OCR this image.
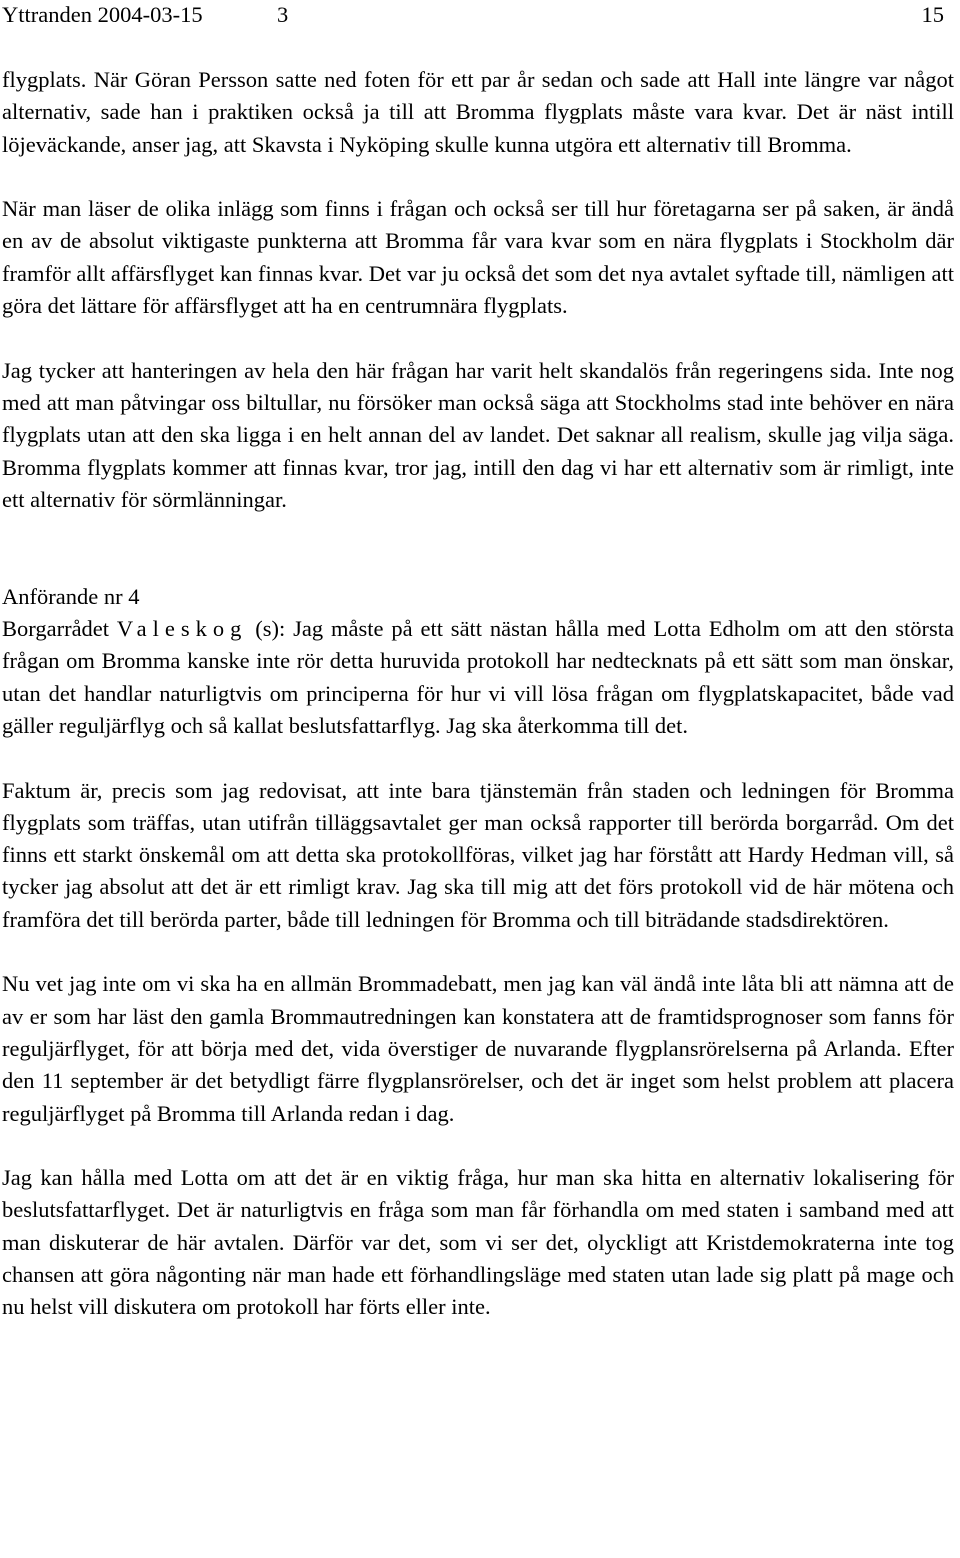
Yttranden 2004-03-15	3	15

flygplats. När Göran Persson satte ned foten för ett par år sedan och sade att Hall inte längre var något alternativ, sade han i praktiken också ja till att Bromma flygplats måste vara kvar. Det är näst intill löjeväckande, anser jag, att Skavsta i Nyköping skulle kunna utgöra ett alternativ till Bromma.

När man läser de olika inlägg som finns i frågan och också ser till hur företagarna ser på saken, är ändå en av de absolut viktigaste punkterna att Bromma får vara kvar som en nära flygplats i Stockholm där framför allt affärsflyget kan finnas kvar. Det var ju också det som det nya avtalet syftade till, nämligen att göra det lättare för affärsflyget att ha en centrumnära flygplats.

Jag tycker att hanteringen av hela den här frågan har varit helt skandalös från regeringens sida. Inte nog med att man påtvingar oss biltullar, nu försöker man också säga att Stockholms stad inte behöver en nära flygplats utan att den ska ligga i en helt annan del av landet. Det saknar all realism, skulle jag vilja säga. Bromma flygplats kommer att finnas kvar, tror jag, intill den dag vi har ett alternativ som är rimligt, inte ett alternativ för sörmlänningar.

Anförande nr 4

Borgarrådet Valeskog (s): Jag måste på ett sätt nästan hålla med Lotta Edholm om att den största frågan om Bromma kanske inte rör detta huruvida protokoll har nedtecknats på ett sätt som man önskar, utan det handlar naturligtvis om principerna för hur vi vill lösa frågan om flygplatskapacitet, både vad gäller reguljärflyg och så kallat beslutsfattarflyg. Jag ska återkomma till det.

Faktum är, precis som jag redovisat, att inte bara tjänstemän från staden och ledningen för Bromma flygplats som träffas, utan utifrån tilläggsavtalet ger man också rapporter till berörda borgarråd. Om det finns ett starkt önskemål om att detta ska protokollföras, vilket jag har förstått att Hardy Hedman vill, så tycker jag absolut att det är ett rimligt krav. Jag ska till mig att det förs protokoll vid de här mötena och framföra det till berörda parter, både till ledningen för Bromma och till biträdande stadsdirektören.

Nu vet jag inte om vi ska ha en allmän Brommadebatt, men jag kan väl ändå inte låta bli att nämna att de av er som har läst den gamla Brommautredningen kan konstatera att de framtidsprognoser som fanns för reguljärflyget, för att börja med det, vida överstiger de nuvarande flygplansrörelserna på Arlanda. Efter den 11 september är det betydligt färre flygplansrörelser, och det är inget som helst problem att placera reguljärflyget på Bromma till Arlanda redan i dag.

Jag kan hålla med Lotta om att det är en viktig fråga, hur man ska hitta en alternativ lokalisering för beslutsfattarflyget. Det är naturligtvis en fråga som man får förhandla om med staten i samband med att man diskuterar de här avtalen. Därför var det, som vi ser det, olyckligt att Kristdemokraterna inte tog chansen att göra någonting när man hade ett förhandlingsläge med staten utan lade sig platt på mage och nu helst vill diskutera om protokoll har förts eller inte.
